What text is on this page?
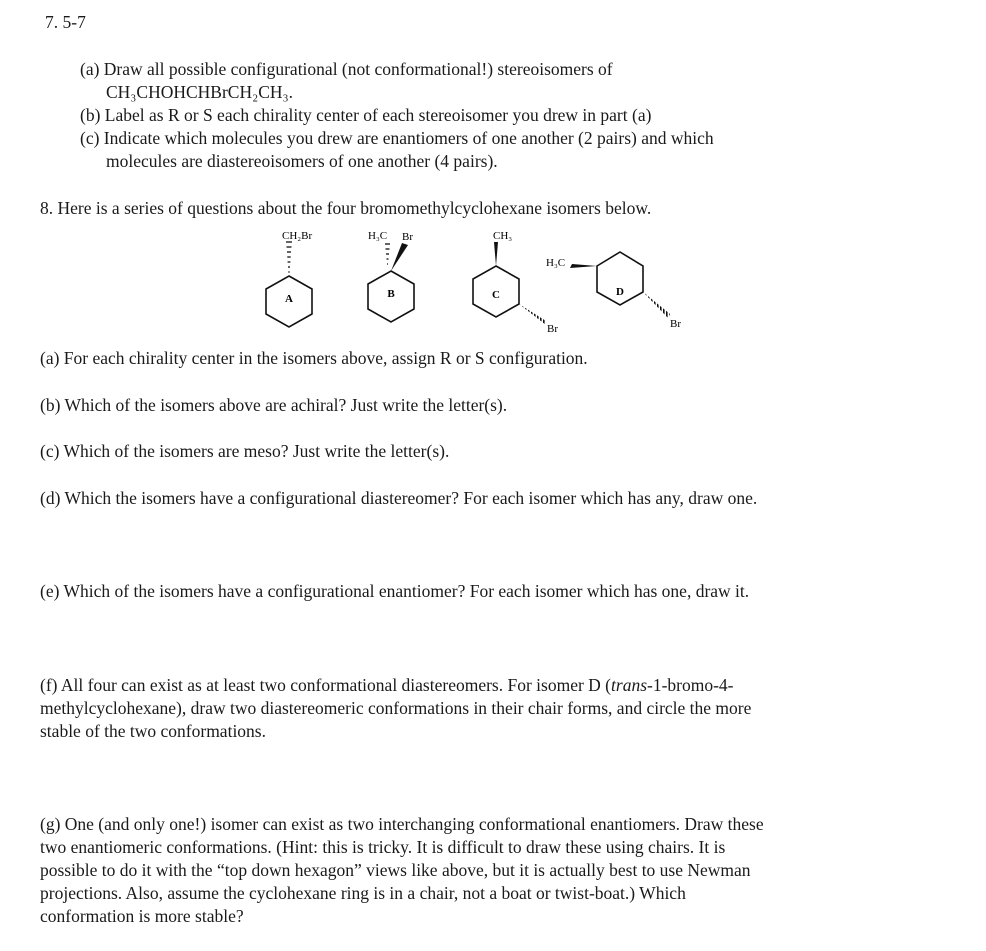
7. 5-7
(a) Draw all possible configurational (not conformational!) stereoisomers of
CH₃CHOHCHBrCH₂CH₃.
(b) Label as R or S each chirality center of each stereoisomer you drew in part (a)
(c) Indicate which molecules you drew are enantiomers of one another (2 pairs) and which
molecules are diastereoisomers of one another (4 pairs).
8. Here is a series of questions about the four bromomethylcyclohexane isomers below.
A
CH₂Br
B
H₃C Br
C
CH₃
Br
D
H₃C
Br
(a) For each chirality center in the isomers above, assign R or S configuration.
(b) Which of the isomers above are achiral? Just write the letter(s).
(c) Which of the isomers are meso? Just write the letter(s).
(d) Which the isomers have a configurational diastereomer? For each isomer which has any, draw one.
(e) Which of the isomers have a configurational enantiomer? For each isomer which has one, draw it.
(f) All four can exist as at least two conformational diastereomers. For isomer D (trans-1-bromo-4-
methylcyclohexane), draw two diastereomeric conformations in their chair forms, and circle the more
stable of the two conformations.
(g) One (and only one!) isomer can exist as two interchanging conformational enantiomers. Draw these
two enantiomeric conformations. (Hint: this is tricky. It is difficult to draw these using chairs. It is
possible to do it with the “top down hexagon” views like above, but it is actually best to use Newman
projections. Also, assume the cyclohexane ring is in a chair, not a boat or twist-boat.) Which
conformation is more stable?
